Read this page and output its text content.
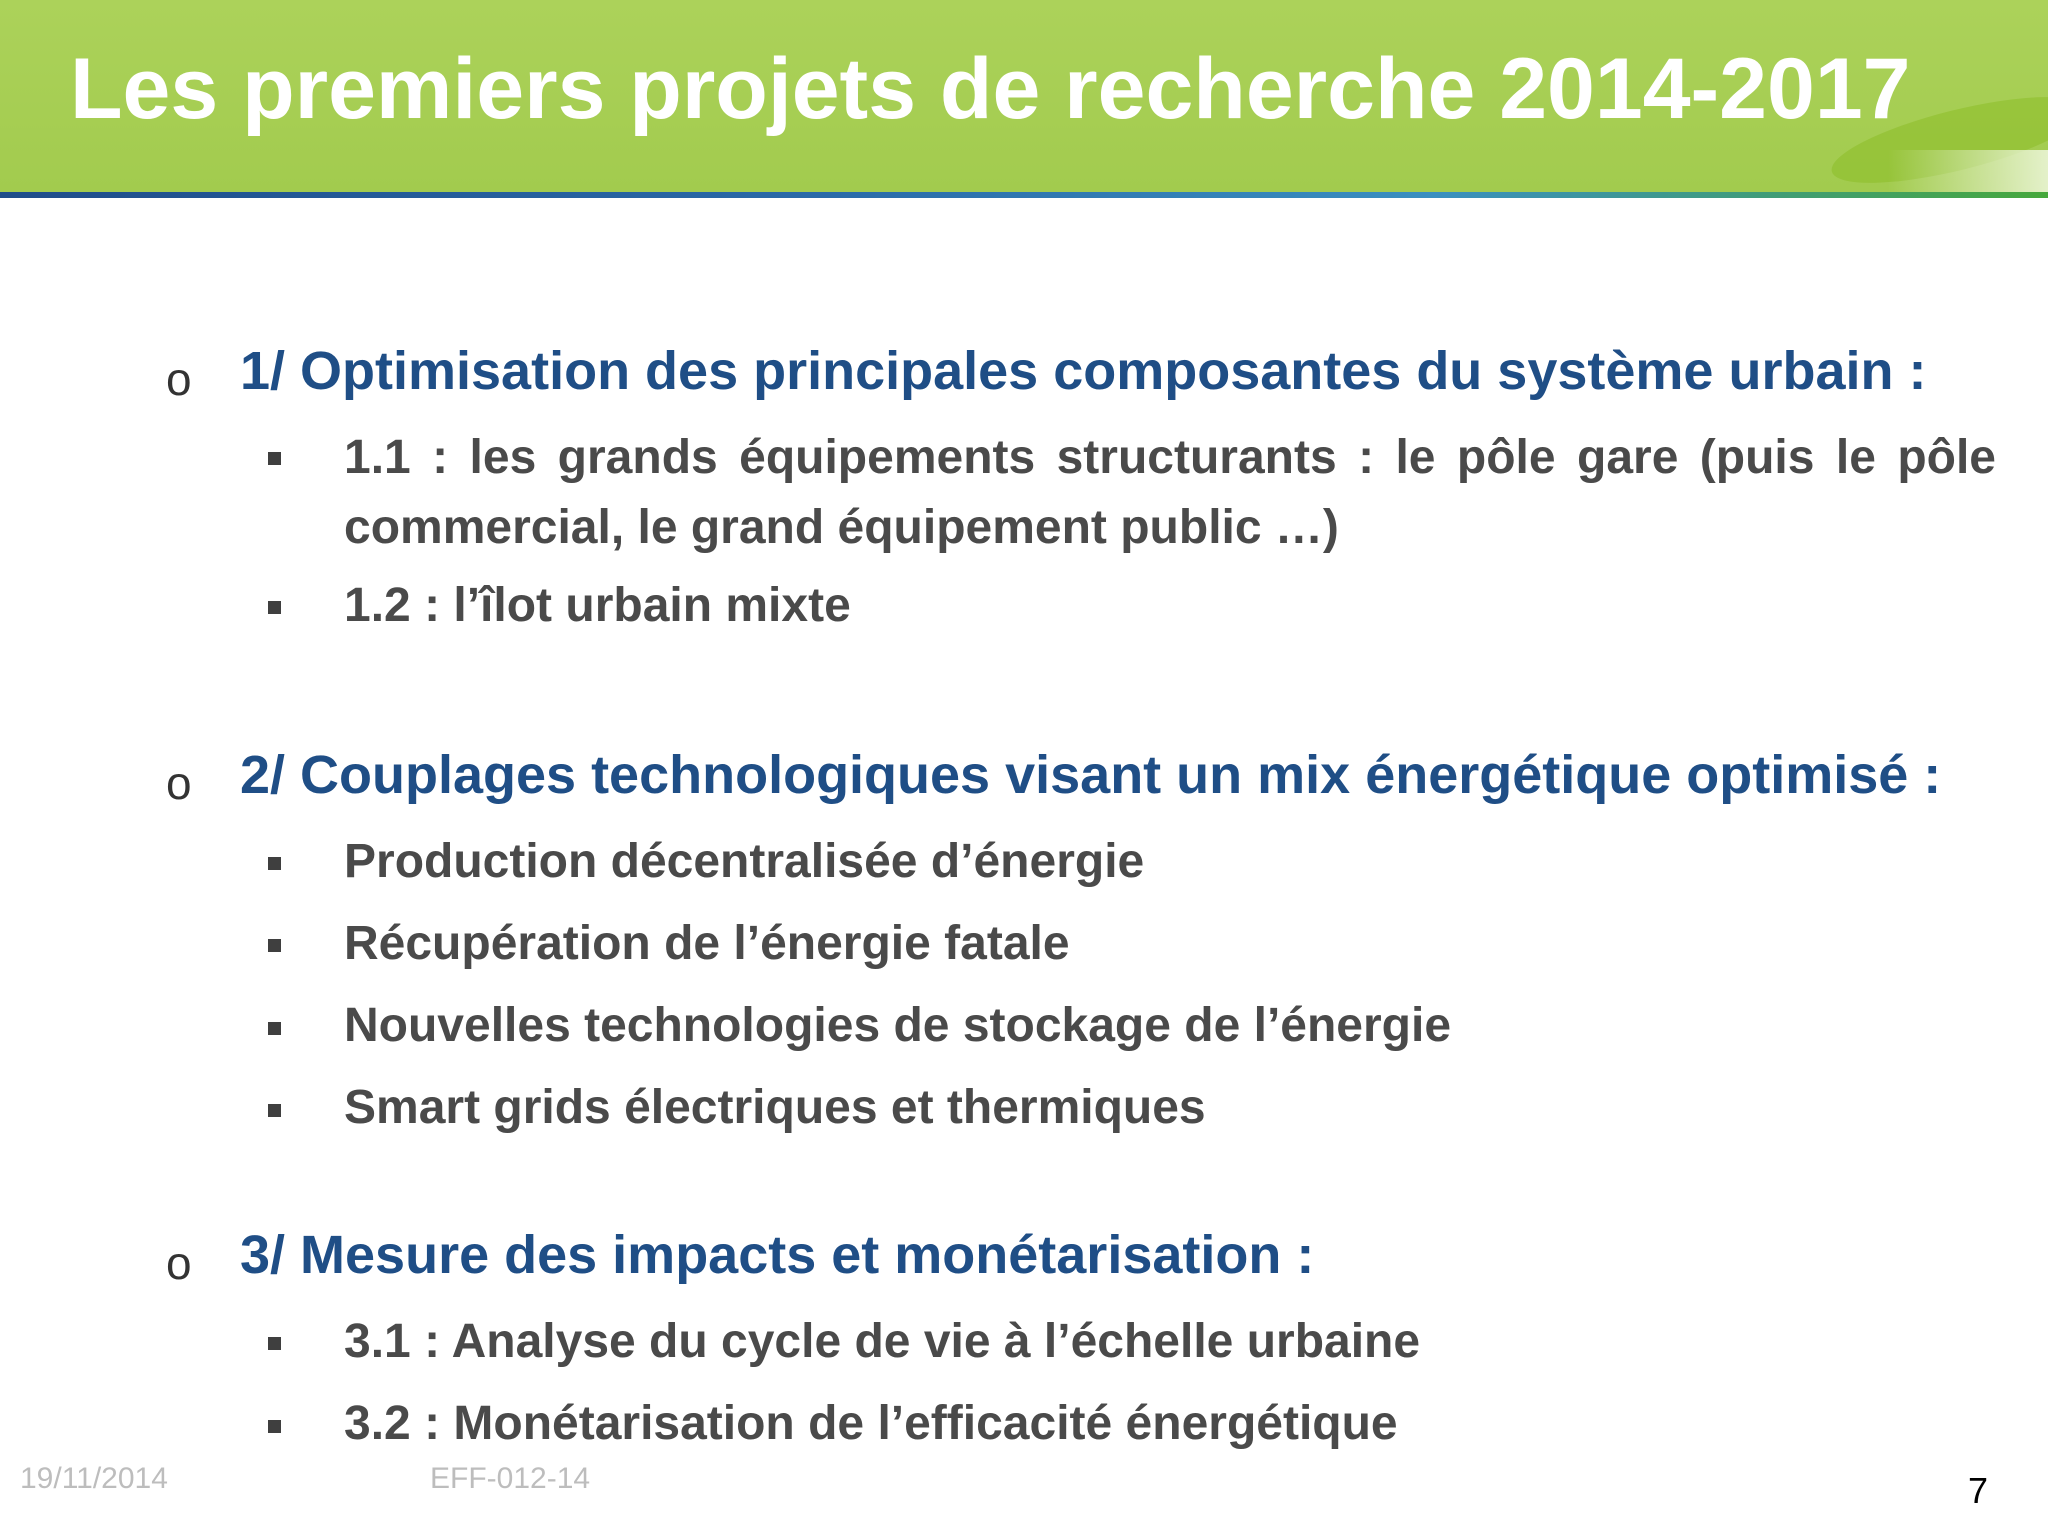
Les premiers projets de recherche 2014-2017
o 1/ Optimisation des principales composantes du système urbain :
1.1 : les grands équipements structurants : le pôle gare (puis le pôle commercial, le grand équipement public …)
1.2 : l’îlot urbain mixte
o 2/ Couplages technologiques visant un mix énergétique optimisé :
Production décentralisée d’énergie
Récupération de l’énergie fatale
Nouvelles technologies de stockage de l’énergie
Smart grids électriques et thermiques
o 3/ Mesure des impacts et monétarisation :
3.1 : Analyse du cycle de vie à l’échelle urbaine
3.2 : Monétarisation de l’efficacité énergétique
19/11/2014	EFF-012-14	7
